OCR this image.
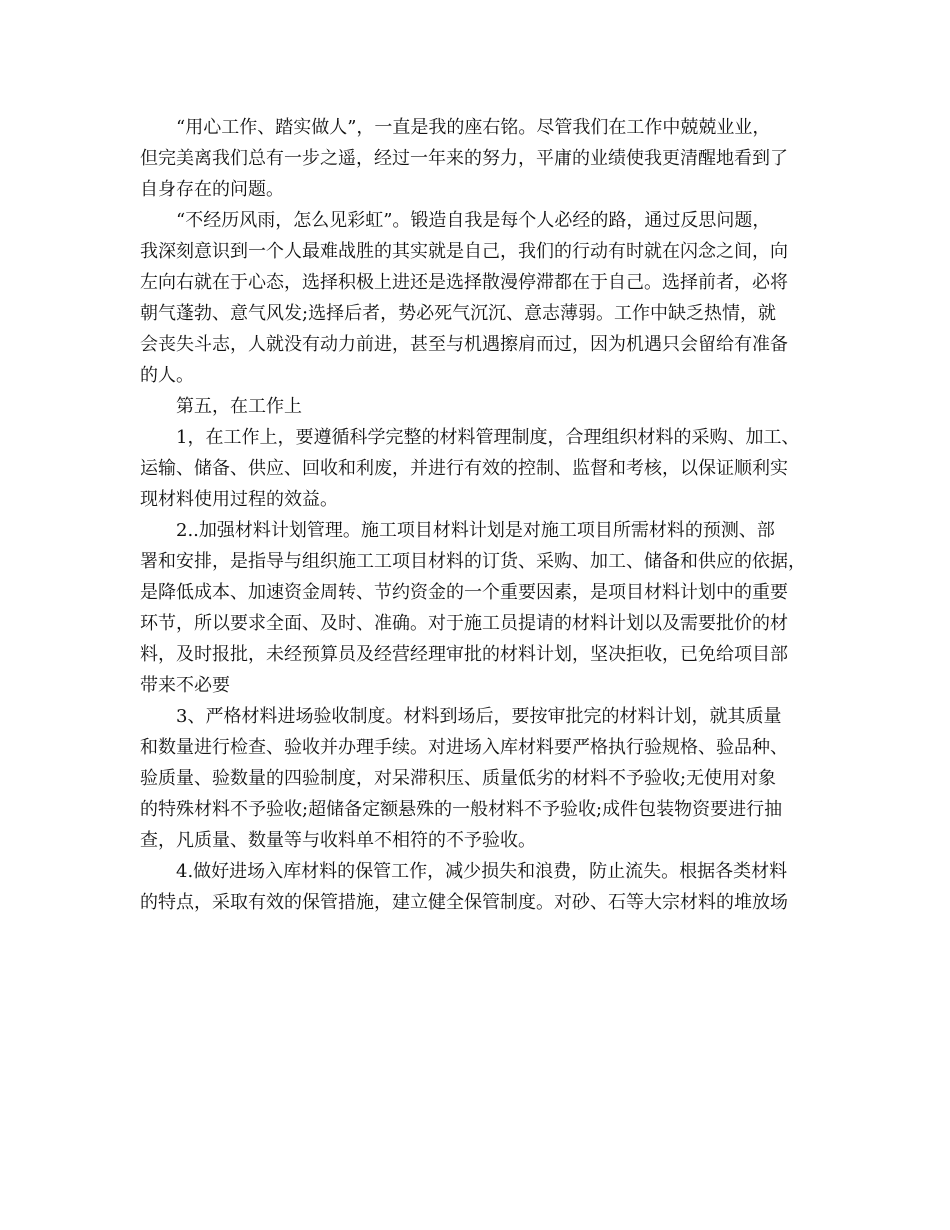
　　“用心工作、踏实做人”，一直是我的座右铭。尽管我们在工作中兢兢业业，
但完美离我们总有一步之遥，经过一年来的努力，平庸的业绩使我更清醒地看到了
自身存在的问题。
　　“不经历风雨，怎么见彩虹”。锻造自我是每个人必经的路，通过反思问题，
我深刻意识到一个人最难战胜的其实就是自己，我们的行动有时就在闪念之间，向
左向右就在于心态，选择积极上进还是选择散漫停滞都在于自己。选择前者，必将
朝气蓬勃、意气风发;选择后者，势必死气沉沉、意志薄弱。工作中缺乏热情，就
会丧失斗志，人就没有动力前进，甚至与机遇擦肩而过，因为机遇只会留给有准备
的人。
　　第五，在工作上
　　1，在工作上，要遵循科学完整的材料管理制度，合理组织材料的采购、加工、
运输、储备、供应、回收和利废，并进行有效的控制、监督和考核，以保证顺利实
现材料使用过程的效益。
　　2..加强材料计划管理。施工项目材料计划是对施工项目所需材料的预测、部
署和安排，是指导与组织施工工项目材料的订货、采购、加工、储备和供应的依据，
是降低成本、加速资金周转、节约资金的一个重要因素，是项目材料计划中的重要
环节，所以要求全面、及时、准确。对于施工员提请的材料计划以及需要批价的材
料，及时报批，未经预算员及经营经理审批的材料计划，坚决拒收，已免给项目部
带来不必要
　　3、严格材料进场验收制度。材料到场后，要按审批完的材料计划，就其质量
和数量进行检查、验收并办理手续。对进场入库材料要严格执行验规格、验品种、
验质量、验数量的四验制度，对呆滞积压、质量低劣的材料不予验收;无使用对象
的特殊材料不予验收;超储备定额悬殊的一般材料不予验收;成件包装物资要进行抽
查，凡质量、数量等与收料单不相符的不予验收。
　　4.做好进场入库材料的保管工作，减少损失和浪费，防止流失。根据各类材料
的特点，采取有效的保管措施，建立健全保管制度。对砂、石等大宗材料的堆放场
